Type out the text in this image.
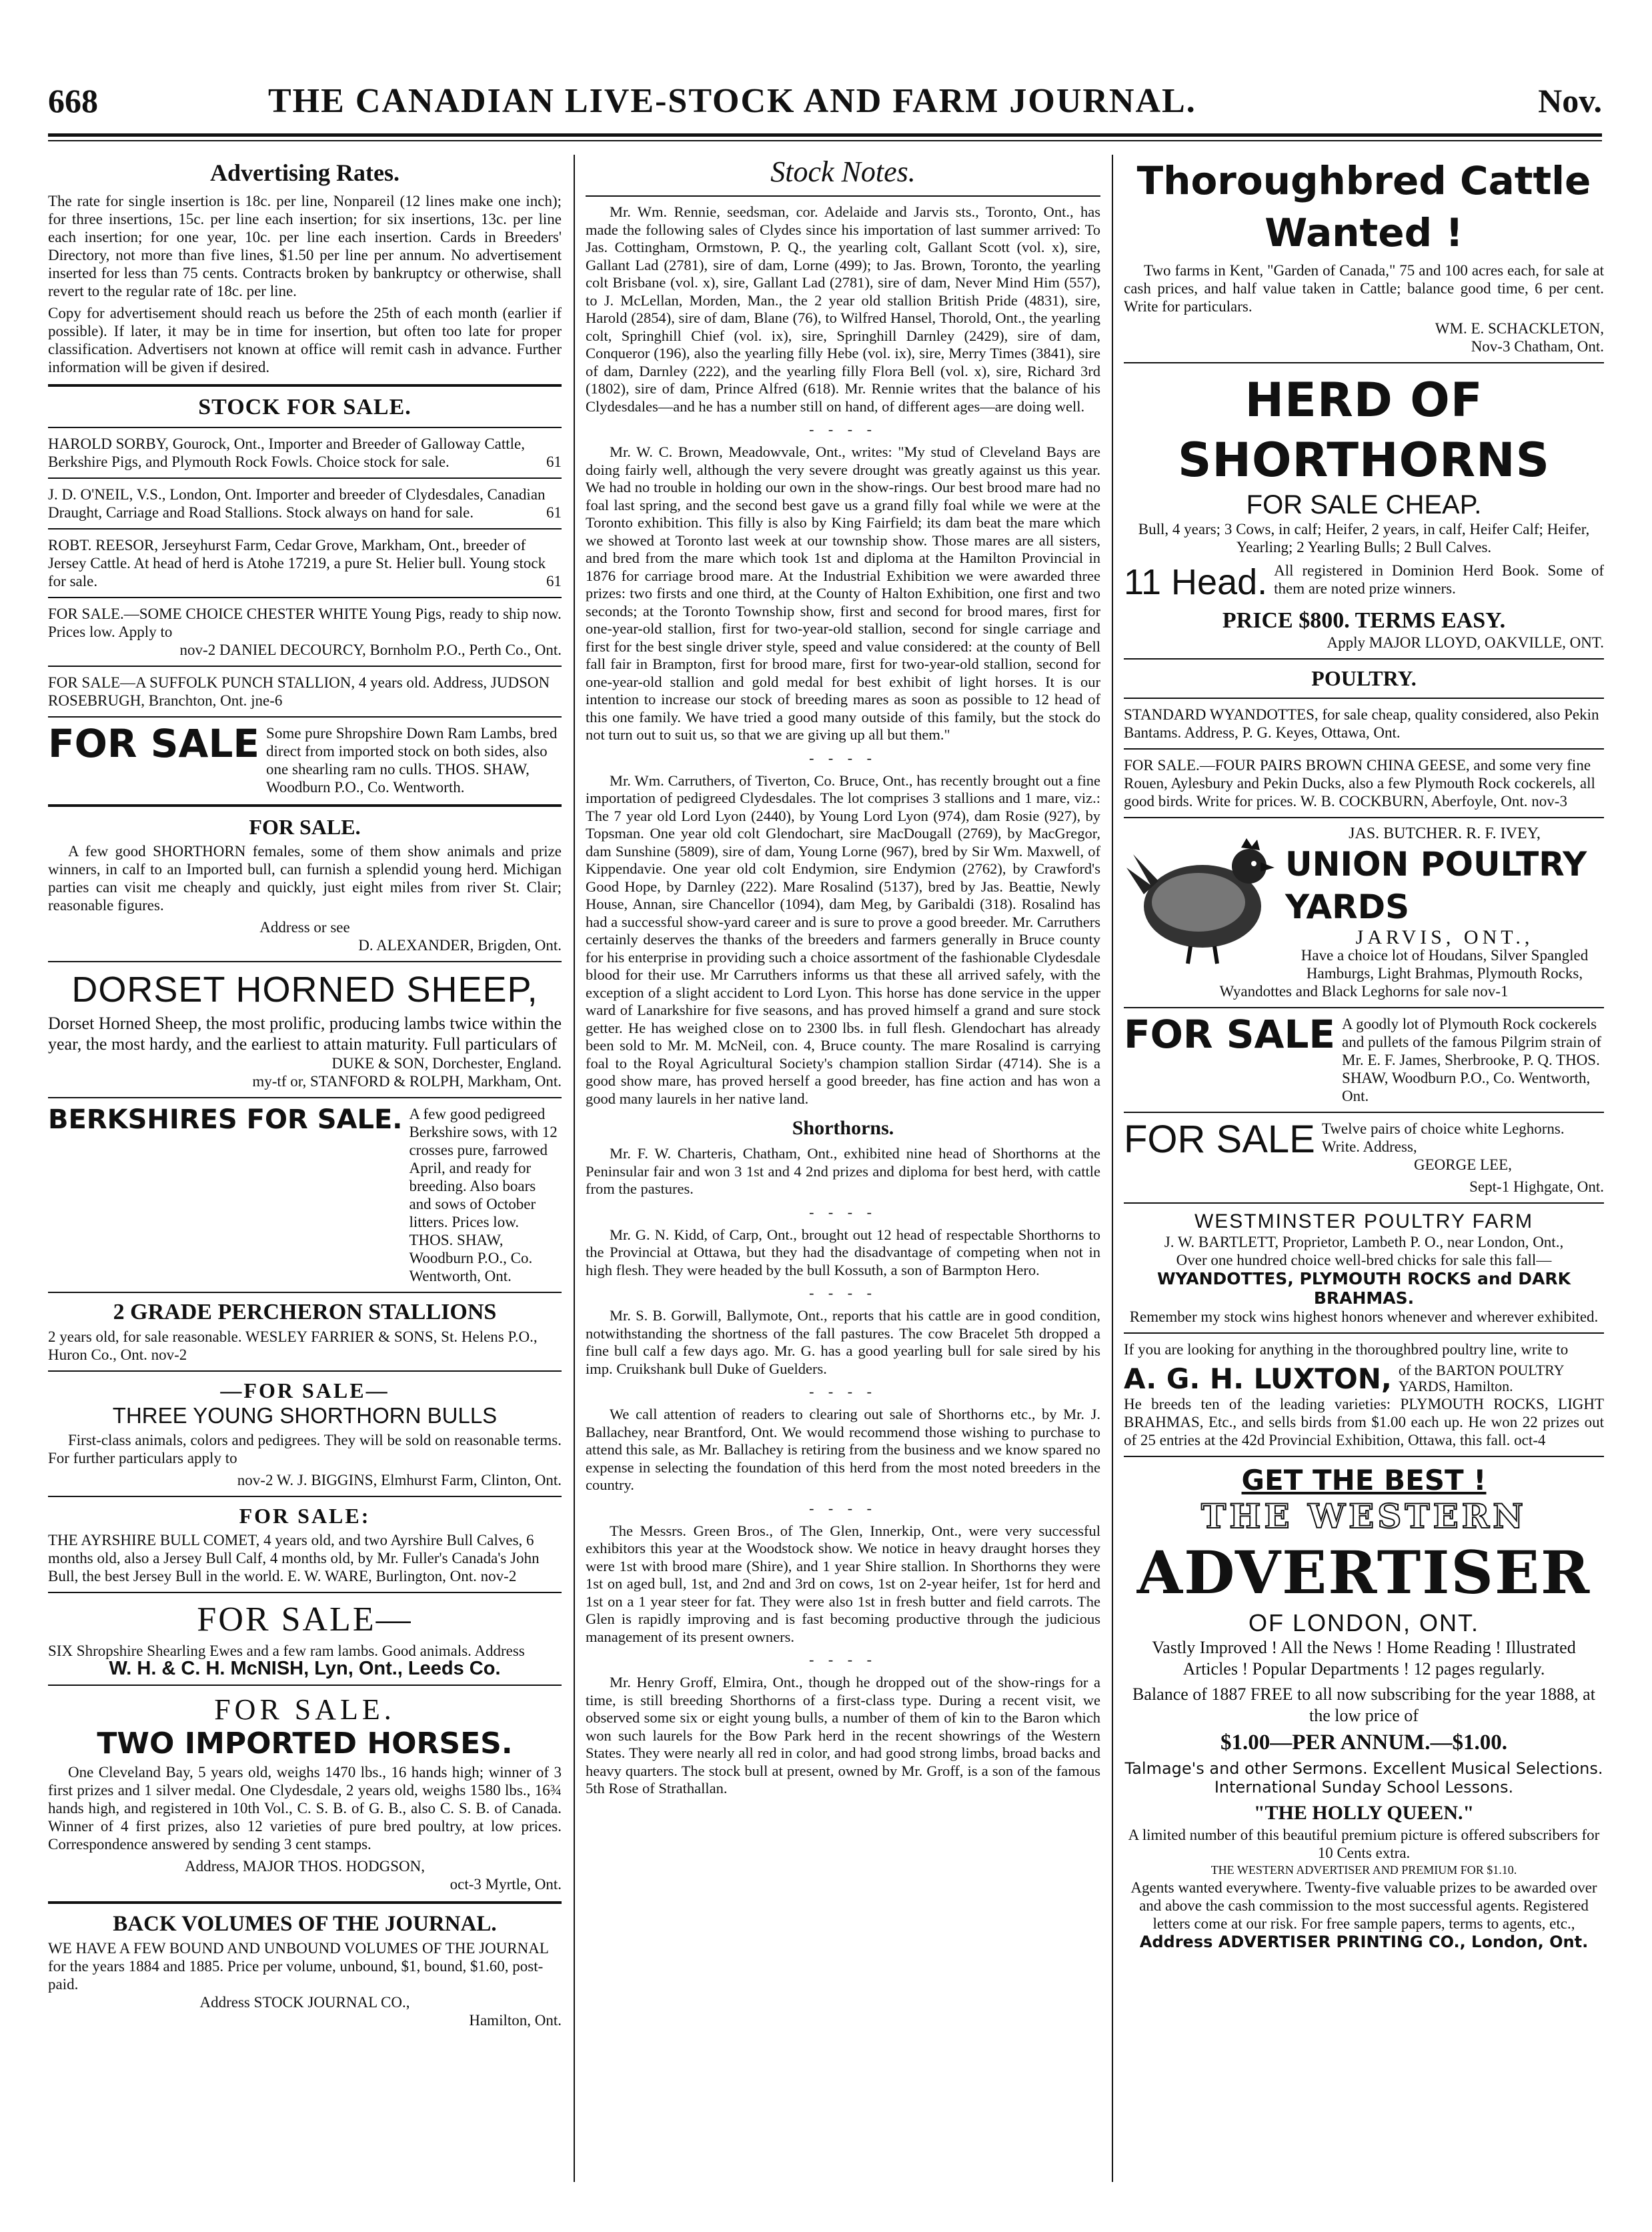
668	THE CANADIAN LIVE-STOCK AND FARM JOURNAL.	Nov.
Advertising Rates.

The rate for single insertion is 18c. per line, Nonpareil (12 lines make one inch); for three insertions, 15c. per line each insertion; for six insertions, 13c. per line each insertion; for one year, 10c. per line each insertion. Cards in Breeders' Directory, not more than five lines, $1.50 per line per annum. No advertisement inserted for less than 75 cents. Contracts broken by bankruptcy or otherwise, shall revert to the regular rate of 18c. per line.

Copy for advertisement should reach us before the 25th of each month (earlier if possible). If later, it may be in time for insertion, but often too late for proper classification. Advertisers not known at office will remit cash in advance. Further information will be given if desired.

STOCK FOR SALE.
HAROLD SORBY, Gourock, Ont., Importer and Breeder of Galloway Cattle, Berkshire Pigs, and Plymouth Rock Fowls. Choice stock for sale.	61
J. D. O'NEIL, V.S., London, Ont. Importer and breeder of Clydesdales, Canadian Draught, Carriage and Road Stallions. Stock always on hand for sale.	61
ROBT. REESOR, Jerseyhurst Farm, Cedar Grove, Markham, Ont., breeder of Jersey Cattle. At head of herd is Atohe 17219, a pure St. Helier bull. Young stock for sale.	61
FOR SALE.—SOME CHOICE CHESTER WHITE Young Pigs, ready to ship now. Prices low. Apply to
nov-2 DANIEL DECOURCY, Bornholm P.O., Perth Co., Ont.
FOR SALE—A SUFFOLK PUNCH STALLION, 4 years old. Address, JUDSON ROSEBRUGH, Branchton, Ont. jne-6
FOR SALE Some pure Shropshire Down Ram Lambs, bred direct from imported stock on both sides, also one shearling ram no culls. THOS. SHAW, Woodburn P.O., Co. Wentworth.
FOR SALE.
A few good SHORTHORN females, some of them show animals and prize winners, in calf to an Imported bull, can furnish a splendid young herd. Michigan parties can visit me cheaply and quickly, just eight miles from river St. Clair; reasonable figures.
Address or see
D. ALEXANDER, Brigden, Ont.
DORSET HORNED SHEEP,
Dorset Horned Sheep, the most prolific, producing lambs twice within the year, the most hardy, and the earliest to attain maturity. Full particulars of
DUKE & SON, Dorchester, England.
my-tf or, STANFORD & ROLPH, Markham, Ont.
BERKSHIRES FOR SALE. A few good pedigreed Berkshire sows, with 12 crosses pure, farrowed April, and ready for breeding. Also boars and sows of October litters. Prices low. THOS. SHAW, Woodburn P.O., Co. Wentworth, Ont.
2 GRADE PERCHERON STALLIONS
2 years old, for sale reasonable. WESLEY FARRIER & SONS, St. Helens P.O., Huron Co., Ont. nov-2
—FOR SALE—
THREE YOUNG SHORTHORN BULLS
First-class animals, colors and pedigrees. They will be sold on reasonable terms. For further particulars apply to
nov-2 W. J. BIGGINS, Elmhurst Farm, Clinton, Ont.
FOR SALE:
THE AYRSHIRE BULL COMET, 4 years old, and two Ayrshire Bull Calves, 6 months old, also a Jersey Bull Calf, 4 months old, by Mr. Fuller's Canada's John Bull, the best Jersey Bull in the world. E. W. WARE, Burlington, Ont. nov-2
FOR SALE—
SIX Shropshire Shearling Ewes and a few ram lambs. Good animals. Address
W. H. & C. H. McNISH, Lyn, Ont., Leeds Co.
FOR SALE.
TWO IMPORTED HORSES.
One Cleveland Bay, 5 years old, weighs 1470 lbs., 16 hands high; winner of 3 first prizes and 1 silver medal. One Clydesdale, 2 years old, weighs 1580 lbs., 16¾ hands high, and registered in 10th Vol., C. S. B. of G. B., also C. S. B. of Canada. Winner of 4 first prizes, also 12 varieties of pure bred poultry, at low prices. Correspondence answered by sending 3 cent stamps.
Address, MAJOR THOS. HODGSON,
oct-3 Myrtle, Ont.
BACK VOLUMES OF THE JOURNAL.
WE HAVE A FEW BOUND AND UNBOUND VOLUMES OF THE JOURNAL for the years 1884 and 1885. Price per volume, unbound, $1, bound, $1.60, post-paid.
Address STOCK JOURNAL CO.,
Hamilton, Ont.
Stock Notes.

Mr. Wm. Rennie, seedsman, cor. Adelaide and Jarvis sts., Toronto, Ont., has made the following sales of Clydes since his importation of last summer arrived: To Jas. Cottingham, Ormstown, P. Q., the yearling colt, Gallant Scott (vol. x), sire, Gallant Lad (2781), sire of dam, Lorne (499); to Jas. Brown, Toronto, the yearling colt Brisbane (vol. x), sire, Gallant Lad (2781), sire of dam, Never Mind Him (557), to J. McLellan, Morden, Man., the 2 year old stallion British Pride (4831), sire, Harold (2854), sire of dam, Blane (76), to Wilfred Hansel, Thorold, Ont., the yearling colt, Springhill Chief (vol. ix), sire, Springhill Darnley (2429), sire of dam, Conqueror (196), also the yearling filly Hebe (vol. ix), sire, Merry Times (3841), sire of dam, Darnley (222), and the yearling filly Flora Bell (vol. x), sire, Richard 3rd (1802), sire of dam, Prince Alfred (618). Mr. Rennie writes that the balance of his Clydesdales—and he has a number still on hand, of different ages—are doing well.

- - - -

Mr. W. C. Brown, Meadowvale, Ont., writes: "My stud of Cleveland Bays are doing fairly well, although the very severe drought was greatly against us this year. We had no trouble in holding our own in the show-rings. Our best brood mare had no foal last spring, and the second best gave us a grand filly foal while we were at the Toronto exhibition. This filly is also by King Fairfield; its dam beat the mare which we showed at Toronto last week at our township show. Those mares are all sisters, and bred from the mare which took 1st and diploma at the Hamilton Provincial in 1876 for carriage brood mare. At the Industrial Exhibition we were awarded three prizes: two firsts and one third, at the County of Halton Exhibition, one first and two seconds; at the Toronto Township show, first and second for brood mares, first for one-year-old stallion, first for two-year-old stallion, second for single carriage and first for the best single driver style, speed and value considered: at the county of Bell fall fair in Brampton, first for brood mare, first for two-year-old stallion, second for one-year-old stallion and gold medal for best exhibit of light horses. It is our intention to increase our stock of breeding mares as soon as possible to 12 head of this one family. We have tried a good many outside of this family, but the stock do not turn out to suit us, so that we are giving up all but them."

- - - -

Mr. Wm. Carruthers, of Tiverton, Co. Bruce, Ont., has recently brought out a fine importation of pedigreed Clydesdales. The lot comprises 3 stallions and 1 mare, viz.: The 7 year old Lord Lyon (2440), by Young Lord Lyon (974), dam Rosie (927), by Topsman. One year old colt Glendochart, sire MacDougall (2769), by MacGregor, dam Sunshine (5809), sire of dam, Young Lorne (967), bred by Sir Wm. Maxwell, of Kippendavie. One year old colt Endymion, sire Endymion (2762), by Crawford's Good Hope, by Darnley (222). Mare Rosalind (5137), bred by Jas. Beattie, Newly House, Annan, sire Chancellor (1094), dam Meg, by Garibaldi (318). Rosalind has had a successful show-yard career and is sure to prove a good breeder. Mr. Carruthers certainly deserves the thanks of the breeders and farmers generally in Bruce county for his enterprise in providing such a choice assortment of the fashionable Clydesdale blood for their use. Mr Carruthers informs us that these all arrived safely, with the exception of a slight accident to Lord Lyon. This horse has done service in the upper ward of Lanarkshire for five seasons, and has proved himself a grand and sure stock getter. He has weighed close on to 2300 lbs. in full flesh. Glendochart has already been sold to Mr. M. McNeil, con. 4, Bruce county. The mare Rosalind is carrying foal to the Royal Agricultural Society's champion stallion Sirdar (4714). She is a good show mare, has proved herself a good breeder, has fine action and has won a good many laurels in her native land.

Shorthorns.

Mr. F. W. Charteris, Chatham, Ont., exhibited nine head of Shorthorns at the Peninsular fair and won 3 1st and 4 2nd prizes and diploma for best herd, with cattle from the pastures.

- - - -

Mr. G. N. Kidd, of Carp, Ont., brought out 12 head of respectable Shorthorns to the Provincial at Ottawa, but they had the disadvantage of competing when not in high flesh. They were headed by the bull Kossuth, a son of Barmpton Hero.

- - - -

Mr. S. B. Gorwill, Ballymote, Ont., reports that his cattle are in good condition, notwithstanding the shortness of the fall pastures. The cow Bracelet 5th dropped a fine bull calf a few days ago. Mr. G. has a good yearling bull for sale sired by his imp. Cruikshank bull Duke of Guelders.

- - - -

We call attention of readers to clearing out sale of Shorthorns etc., by Mr. J. Ballachey, near Brantford, Ont. We would recommend those wishing to purchase to attend this sale, as Mr. Ballachey is retiring from the business and we know spared no expense in selecting the foundation of this herd from the most noted breeders in the country.

- - - -

The Messrs. Green Bros., of The Glen, Innerkip, Ont., were very successful exhibitors this year at the Woodstock show. We notice in heavy draught horses they were 1st with brood mare (Shire), and 1 year Shire stallion. In Shorthorns they were 1st on aged bull, 1st, and 2nd and 3rd on cows, 1st on 2-year heifer, 1st for herd and 1st on a 1 year steer for fat. They were also 1st in fresh butter and field carrots. The Glen is rapidly improving and is fast becoming productive through the judicious management of its present owners.

- - - -

Mr. Henry Groff, Elmira, Ont., though he dropped out of the show-rings for a time, is still breeding Shorthorns of a first-class type. During a recent visit, we observed some six or eight young bulls, a number of them of kin to the Baron which won such laurels for the Bow Park herd in the recent showrings of the Western States. They were nearly all red in color, and had good strong limbs, broad backs and heavy quarters. The stock bull at present, owned by Mr. Groff, is a son of the famous 5th Rose of Strathallan.

Thoroughbred Cattle Wanted !
Two farms in Kent, "Garden of Canada," 75 and 100 acres each, for sale at cash prices, and half value taken in Cattle; balance good time, 6 per cent. Write for particulars.
WM. E. SCHACKLETON,
Nov-3 Chatham, Ont.
HERD OF SHORTHORNS
FOR SALE CHEAP.
Bull, 4 years; 3 Cows, in calf; Heifer, 2 years, in calf, Heifer Calf; Heifer, Yearling; 2 Yearling Bulls; 2 Bull Calves.
11 Head. All registered in Dominion Herd Book. Some of them are noted prize winners.
PRICE $800. TERMS EASY.
Apply MAJOR LLOYD, OAKVILLE, ONT.
POULTRY.
STANDARD WYANDOTTES, for sale cheap, quality considered, also Pekin Bantams. Address, P. G. Keyes, Ottawa, Ont.
FOR SALE.—FOUR PAIRS BROWN CHINA GEESE, and some very fine Rouen, Aylesbury and Pekin Ducks, also a few Plymouth Rock cockerels, all good birds. Write for prices. W. B. COCKBURN, Aberfoyle, Ont. nov-3
JAS. BUTCHER. R. F. IVEY,
UNION POULTRY YARDS
JARVIS, ONT.,
Have a choice lot of Houdans, Silver Spangled Hamburgs, Light Brahmas, Plymouth Rocks, Wyandottes and Black Leghorns for sale nov-1
FOR SALE A goodly lot of Plymouth Rock cockerels and pullets of the famous Pilgrim strain of Mr. E. F. James, Sherbrooke, P. Q. THOS. SHAW, Woodburn P.O., Co. Wentworth, Ont.
FOR SALE Twelve pairs of choice white Leghorns. Write. Address,
GEORGE LEE,
Sept-1 Highgate, Ont.
WESTMINSTER POULTRY FARM
J. W. BARTLETT, Proprietor, Lambeth P. O., near London, Ont.,
Over one hundred choice well-bred chicks for sale this fall—
WYANDOTTES, PLYMOUTH ROCKS and DARK BRAHMAS.
Remember my stock wins highest honors whenever and wherever exhibited.
If you are looking for anything in the thoroughbred poultry line, write to
A. G. H. LUXTON, of the BARTON POULTRY YARDS, Hamilton.
He breeds ten of the leading varieties: PLYMOUTH ROCKS, LIGHT BRAHMAS, Etc., and sells birds from $1.00 each up. He won 22 prizes out of 25 entries at the 42d Provincial Exhibition, Ottawa, this fall. oct-4
GET THE BEST !
THE WESTERN
ADVERTISER
OF LONDON, ONT.
Vastly Improved ! All the News ! Home Reading ! Illustrated Articles ! Popular Departments ! 12 pages regularly.
Balance of 1887 FREE to all now subscribing for the year 1888, at the low price of
$1.00—PER ANNUM.—$1.00.
Talmage's and other Sermons. Excellent Musical Selections. International Sunday School Lessons.
"THE HOLLY QUEEN."
A limited number of this beautiful premium picture is offered subscribers for 10 Cents extra.
THE WESTERN ADVERTISER AND PREMIUM FOR $1.10.
Agents wanted everywhere. Twenty-five valuable prizes to be awarded over and above the cash commission to the most successful agents. Registered letters come at our risk. For free sample papers, terms to agents, etc.,
Address ADVERTISER PRINTING CO., London, Ont.
